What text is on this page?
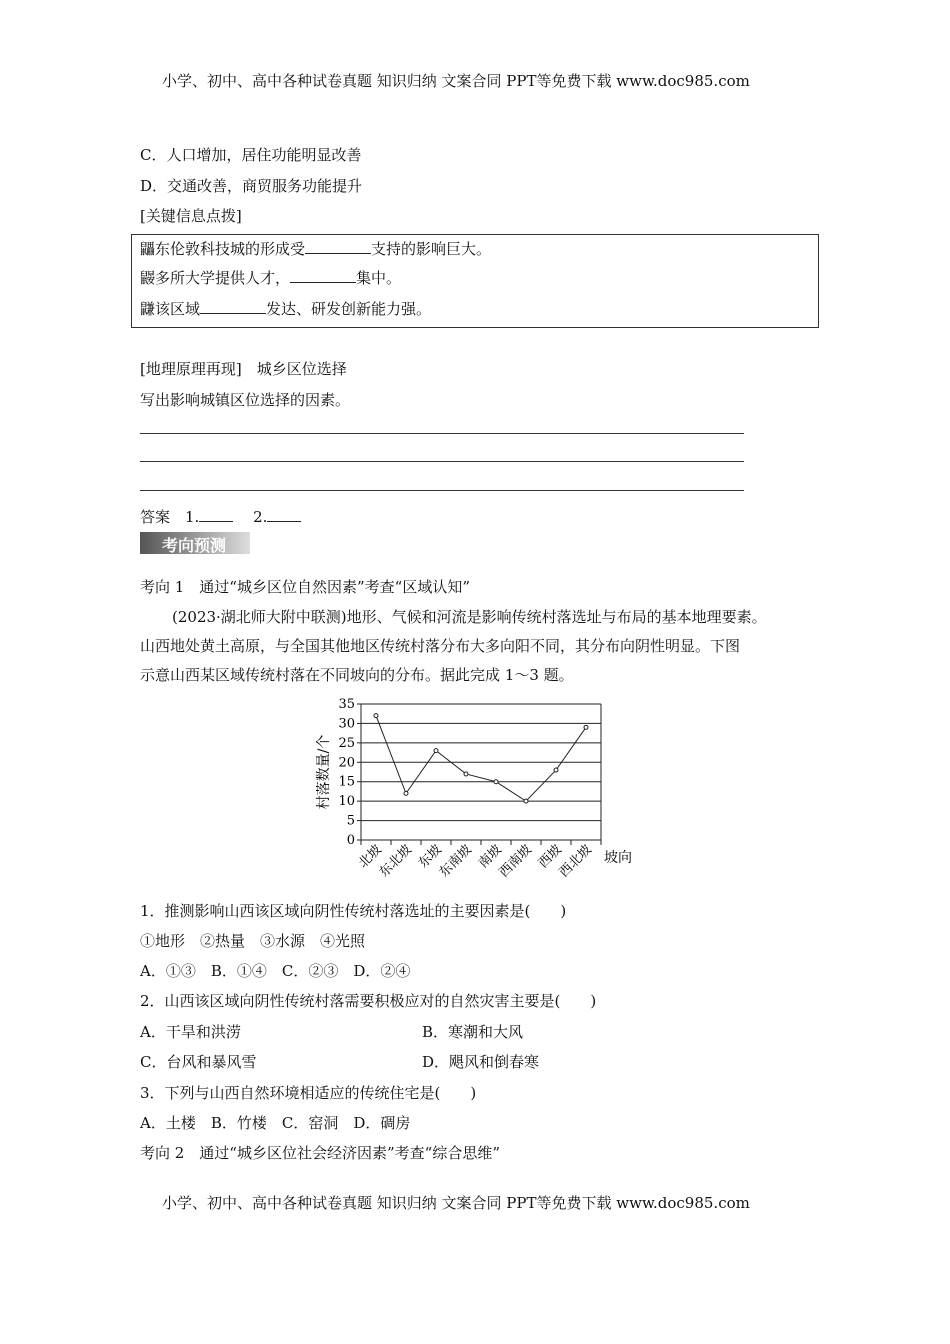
小学、初中、高中各种试卷真题 知识归纳 文案合同 PPT等免费下载 www.doc985.com
C．人口增加，居住功能明显改善
D．交通改善，商贸服务功能提升
[关键信息点拨]
鼺东伦敦科技城的形成受	支持的影响巨大。
鼹多所大学提供人才，	集中。
鼸该区域	发达、研发创新能力强。
[地理原理再现]　城乡区位选择
写出影响城镇区位选择的因素。
答案　1.　	2.
考向预测
考向 1　通过“城乡区位自然因素”考查“区域认知”
(2023·湖北师大附中联测)地形、气候和河流是影响传统村落选址与布局的基本地理要素。
山西地处黄土高原，与全国其他地区传统村落分布大多向阳不同，其分布向阴性明显。下图
示意山西某区域传统村落在不同坡向的分布。据此完成 1～3 题。
0
5
10
15
20
25
30
35
北坡
东北坡 东坡
东南坡 南坡
西南坡 西坡
西北坡
村落数量/个
坡向
1．推测影响山西该区域向阴性传统村落选址的主要因素是(　　)
①地形　②热量　③水源　④光照
A．①③　B．①④　C．②③　D．②④
2．山西该区域向阴性传统村落需要积极应对的自然灾害主要是(　　)
A．干旱和洪涝	B．寒潮和大风
C．台风和暴风雪	D．飓风和倒春寒
3．下列与山西自然环境相适应的传统住宅是(　　)
A．土楼　B．竹楼　C．窑洞　D．碉房
考向 2　通过“城乡区位社会经济因素”考查“综合思维”
小学、初中、高中各种试卷真题 知识归纳 文案合同 PPT等免费下载 www.doc985.com
